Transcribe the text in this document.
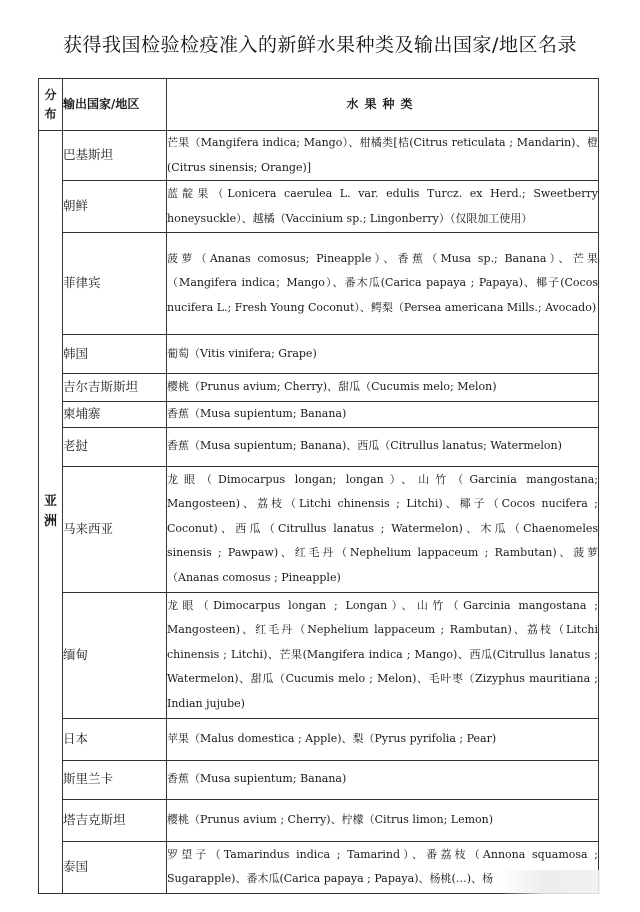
获得我国检验检疫准入的新鲜水果种类及输出国家/地区名录
分布	输出国家/地区	水果种类
亚洲	巴基斯坦	芒果（Mangifera indica; Mango）、柑橘类[桔(Citrus reticulata ; Mandarin)、橙(Citrus sinensis; Orange)]
	朝鲜	蓝靛果（Lonicera caerulea L. var. edulis Turcz. ex Herd.; Sweetberry honeysuckle）、越橘（Vaccinium sp.; Lingonberry）（仅限加工使用）
	菲律宾	菠萝（Ananas comosus; Pineapple）、香蕉（Musa sp.; Banana）、芒果（Mangifera indica；Mango）、番木瓜(Carica papaya ; Papaya)、椰子(Cocos nucifera L.; Fresh Young Coconut）、鳄梨（Persea americana Mills.; Avocado)
	韩国	葡萄（Vitis vinifera; Grape)
	吉尔吉斯斯坦	樱桃（Prunus avium; Cherry)、甜瓜（Cucumis melo; Melon)
	柬埔寨	香蕉（Musa supientum; Banana)
	老挝	香蕉（Musa supientum; Banana)、西瓜（Citrullus lanatus; Watermelon)
	马来西亚	龙眼（Dimocarpus longan; longan）、山竹（Garcinia mangostana; Mangosteen)、荔枝（Litchi chinensis ; Litchi)、椰子（Cocos nucifera ; Coconut)、西瓜（Citrullus lanatus ; Watermelon)、木瓜（Chaenomeles sinensis ; Pawpaw)、红毛丹（Nephelium lappaceum ; Rambutan)、菠萝（Ananas comosus ; Pineapple)
	缅甸	龙眼（Dimocarpus longan ; Longan）、山竹（Garcinia mangostana ; Mangosteen)、红毛丹（Nephelium lappaceum ; Rambutan)、荔枝（Litchi chinensis ; Litchi)、芒果(Mangifera indica ; Mango)、西瓜(Citrullus lanatus ; Watermelon)、甜瓜（Cucumis melo ; Melon)、毛叶枣（Zizyphus mauritiana ; Indian jujube)
	日本	苹果（Malus domestica ; Apple)、梨（Pyrus pyrifolia ; Pear)
	斯里兰卡	香蕉（Musa supientum; Banana)
	塔吉克斯坦	樱桃（Prunus avium ; Cherry)、柠檬（Citrus limon; Lemon)
	泰国	罗望子（Tamarindus indica ; Tamarind）、番荔枝（Annona squamosa ; Sugarapple)、番木瓜(Carica papaya ; Papaya)、杨桃(…)、杨
